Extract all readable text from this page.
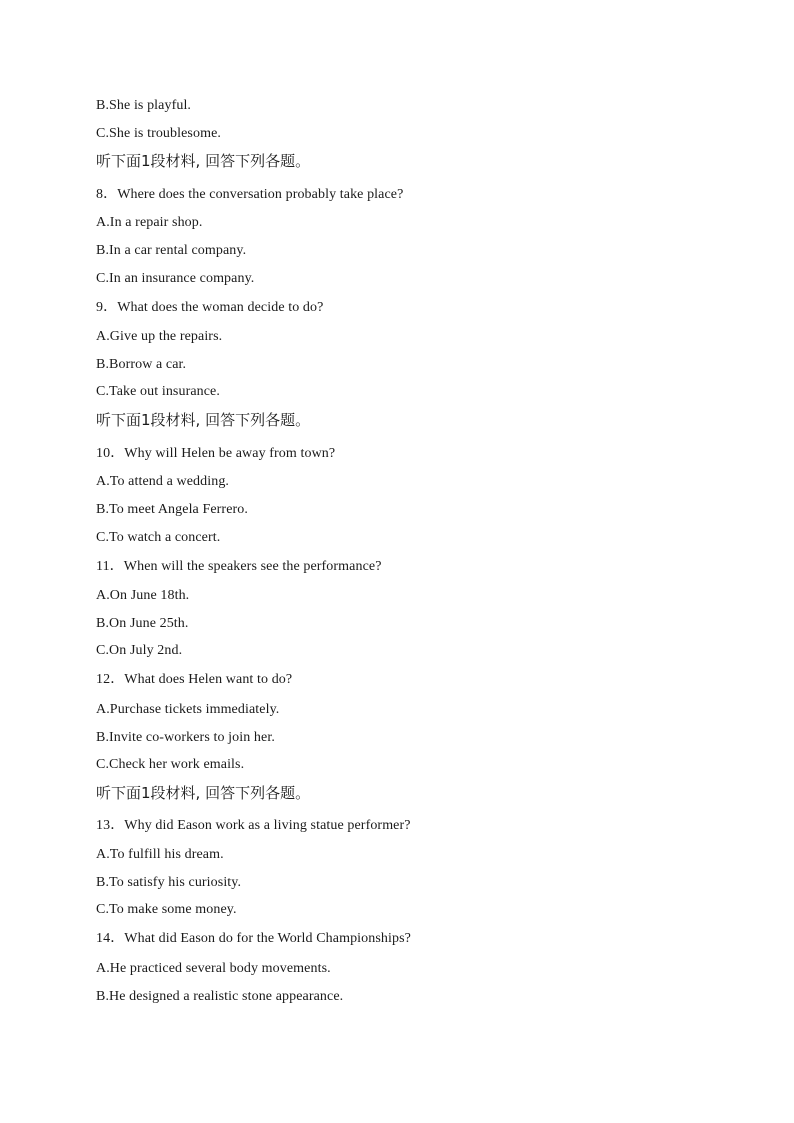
B.She is playful.
C.She is troublesome.
听下面1段材料, 回答下列各题。
8．Where does the conversation probably take place?
A.In a repair shop.
B.In a car rental company.
C.In an insurance company.
9．What does the woman decide to do?
A.Give up the repairs.
B.Borrow a car.
C.Take out insurance.
听下面1段材料, 回答下列各题。
10．Why will Helen be away from town?
A.To attend a wedding.
B.To meet Angela Ferrero.
C.To watch a concert.
11．When will the speakers see the performance?
A.On June 18th.
B.On June 25th.
C.On July 2nd.
12．What does Helen want to do?
A.Purchase tickets immediately.
B.Invite co-workers to join her.
C.Check her work emails.
听下面1段材料, 回答下列各题。
13．Why did Eason work as a living statue performer?
A.To fulfill his dream.
B.To satisfy his curiosity.
C.To make some money.
14．What did Eason do for the World Championships?
A.He practiced several body movements.
B.He designed a realistic stone appearance.
